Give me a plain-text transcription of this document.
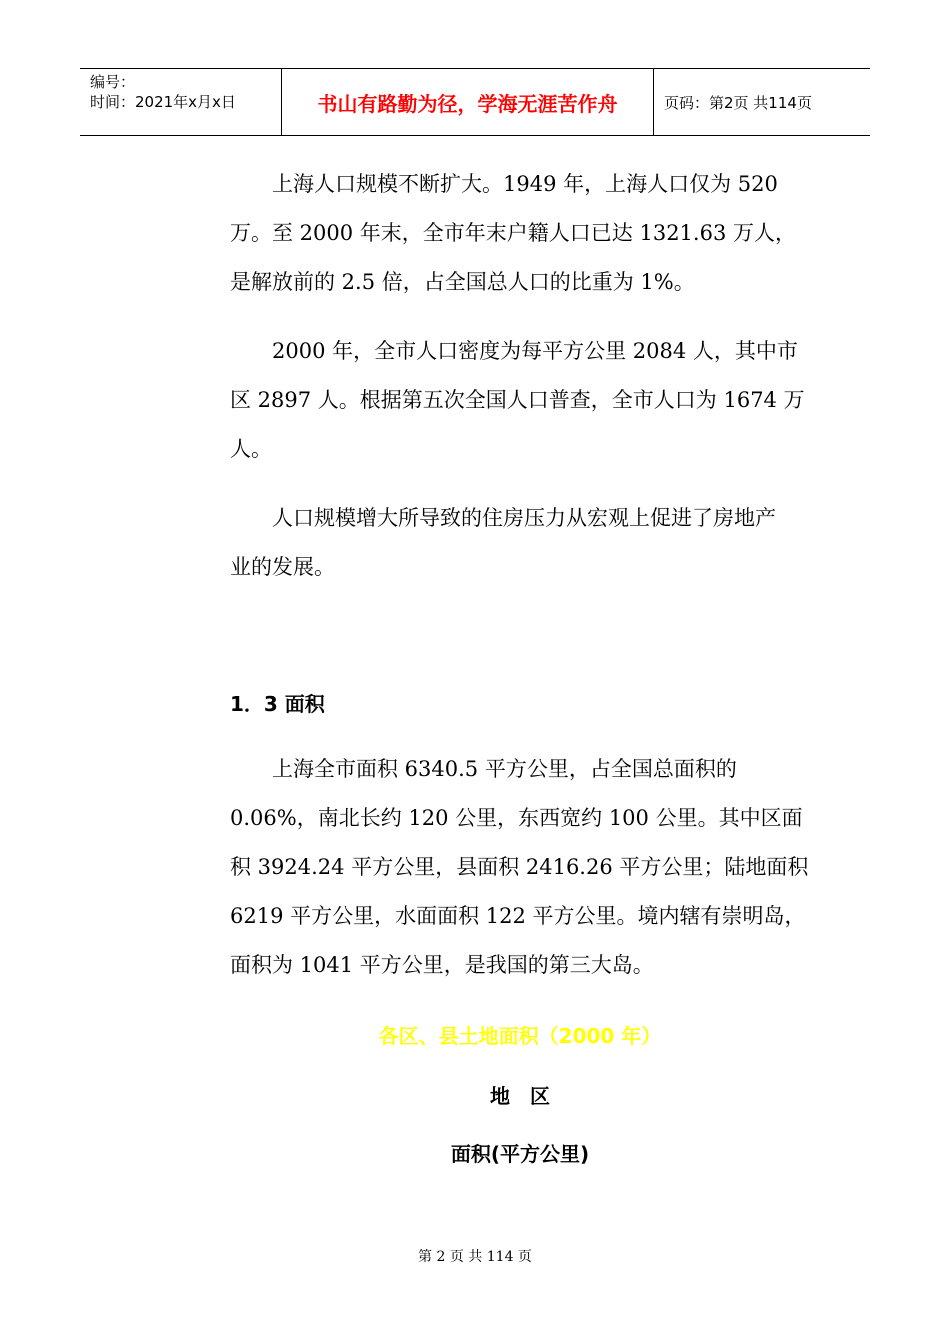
编号：
时间：2021年x月x日	书山有路勤为径，学海无涯苦作舟	页码：第2页 共114页

　　上海人口规模不断扩大。1949 年，上海人口仅为 520
万。至 2000 年末，全市年末户籍人口已达 1321.63 万人，
是解放前的 2.5 倍，占全国总人口的比重为 1%。

　　2000 年，全市人口密度为每平方公里 2084 人，其中市
区 2897 人。根据第五次全国人口普查，全市人口为 1674 万
人。

　　人口规模增大所导致的住房压力从宏观上促进了房地产
业的发展。

1．3 面积

　　上海全市面积 6340.5 平方公里，占全国总面积的
0.06%，南北长约 120 公里，东西宽约 100 公里。其中区面
积 3924.24 平方公里，县面积 2416.26 平方公里；陆地面积
6219 平方公里，水面面积 122 平方公里。境内辖有崇明岛，
面积为 1041 平方公里，是我国的第三大岛。

各区、县土地面积（2000 年）
地　区
面积(平方公里)
第 2 页 共 114 页
